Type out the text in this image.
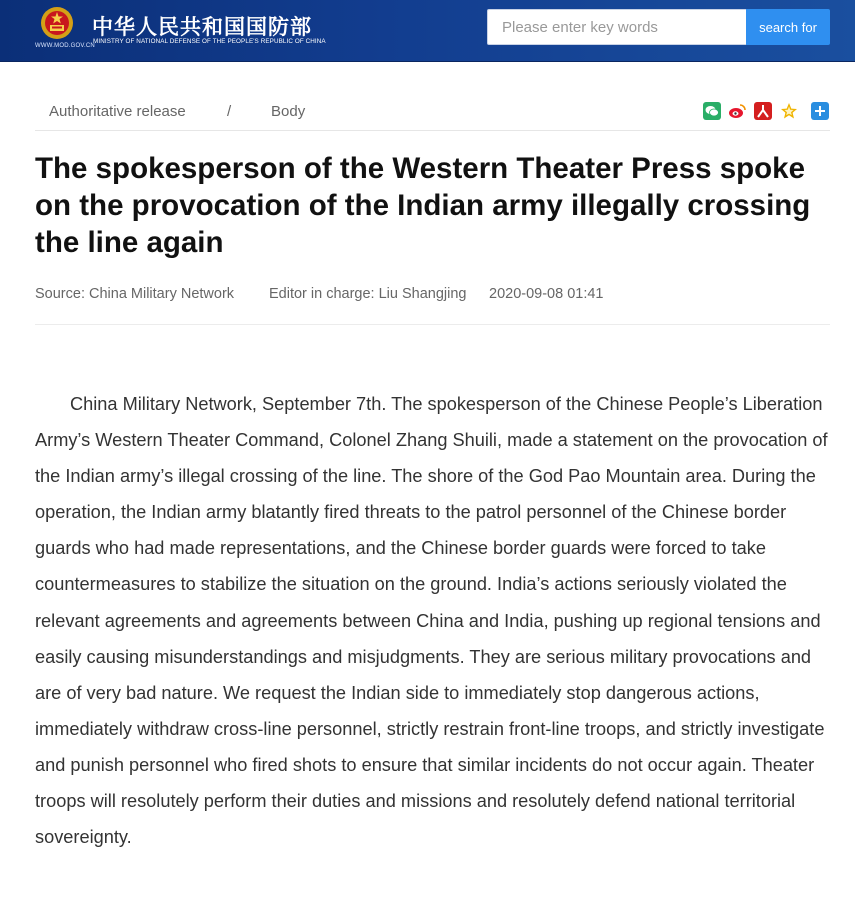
WWW.MOD.GOV.CN
中华人民共和国国防部
MINISTRY OF NATIONAL DEFENSE OF THE PEOPLE'S REPUBLIC OF CHINA
Please enter key words
search for
Authoritative release	/	Body
The spokesperson of the Western Theater Press spoke on the provocation of the Indian army illegally crossing the line again
Source: China Military Network Editor in charge: Liu Shangjing 2020-09-08 01:41

China Military Network, September 7th. The spokesperson of the Chinese People’s Liberation Army’s Western Theater Command, Colonel Zhang Shuili, made a statement on the provocation of the Indian army’s illegal crossing of the line. The shore of the God Pao Mountain area. During the operation, the Indian army blatantly fired threats to the patrol personnel of the Chinese border guards who had made representations, and the Chinese border guards were forced to take countermeasures to stabilize the situation on the ground. India’s actions seriously violated the relevant agreements and agreements between China and India, pushing up regional tensions and easily causing misunderstandings and misjudgments. They are serious military provocations and are of very bad nature. We request the Indian side to immediately stop dangerous actions, immediately withdraw cross-line personnel, strictly restrain front-line troops, and strictly investigate and punish personnel who fired shots to ensure that similar incidents do not occur again. Theater troops will resolutely perform their duties and missions and resolutely defend national territorial sovereignty.
